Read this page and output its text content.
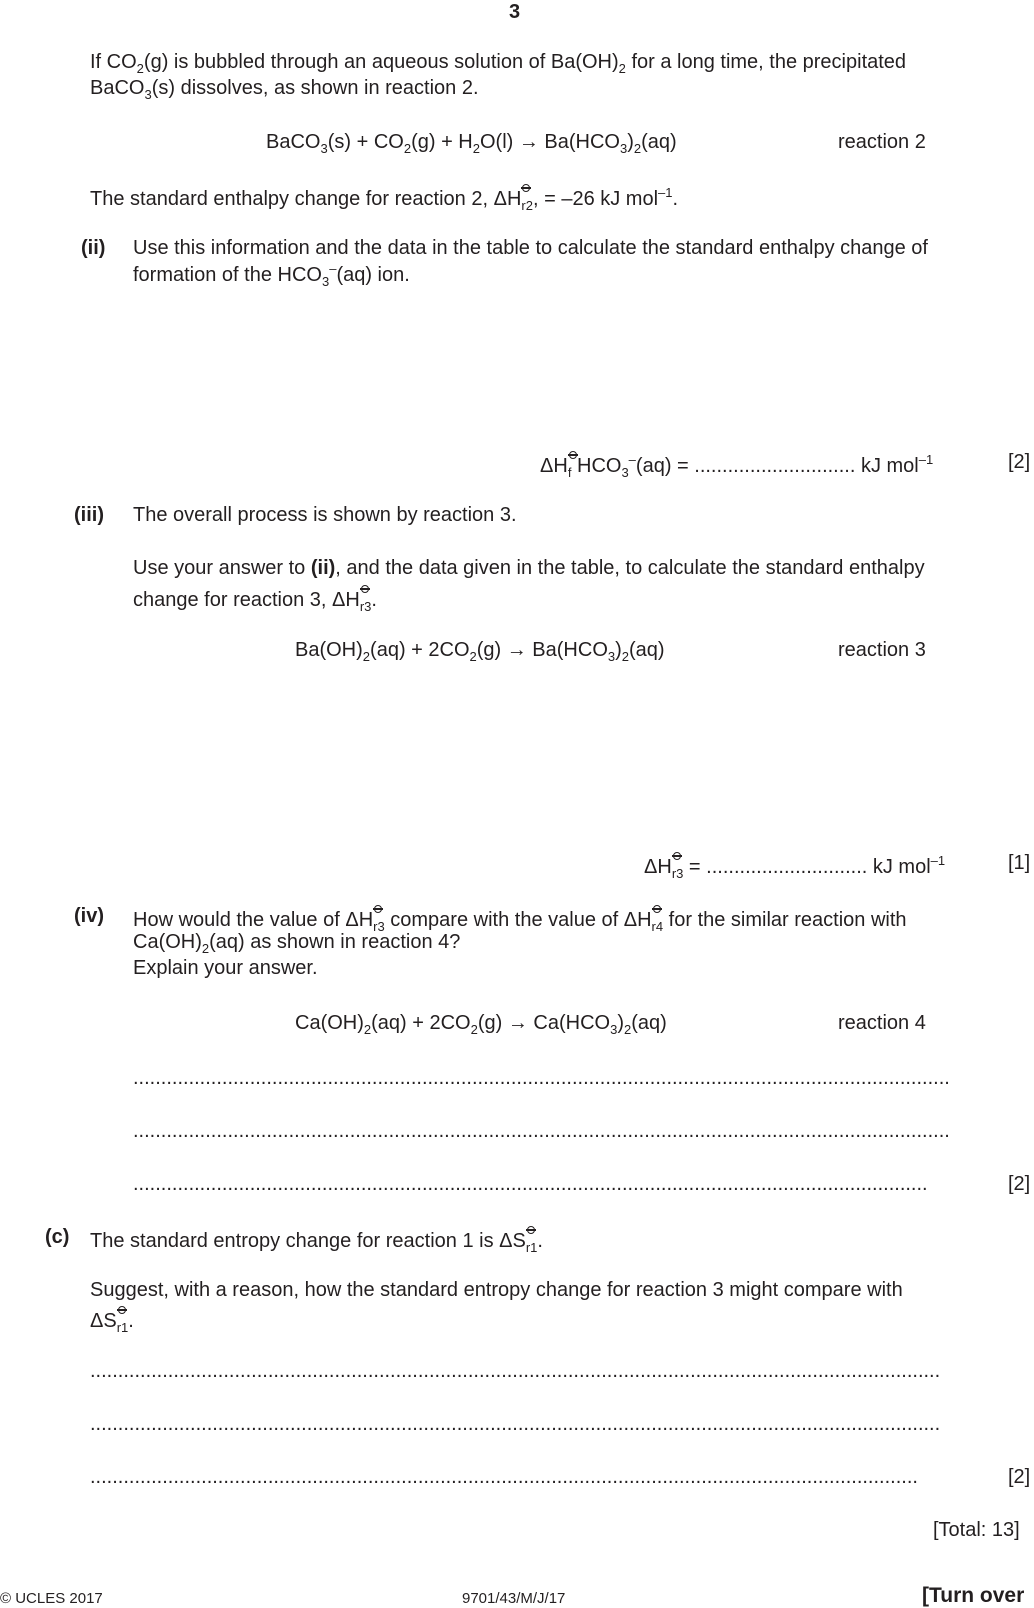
3
If $CO_2(g)$ is bubbled through an aqueous solution of $Ba(OH)_2$ for a long time, the precipitated
BaCO$_3$(s) dissolves, as shown in reaction 2.
BaCO$_3$(s) + $CO_2(g) + H_2O(l) \to Ba(HCO_3)_2(aq)$	reaction 2
The standard enthalpy change for reaction 2, $\Delta H_{r2}$, = –26 kJ mol$^{-1}$.
(ii) Use this information and the data in the table to calculate the standard enthalpy change of
formation of the $HCO_3^-(aq)$ ion.
$\Delta H_f$ $HCO_3^-(aq)$ = ............................. kJ mol$^{-1}$	[2]
(iii) The overall process is shown by reaction 3.
Use your answer to (ii), and the data given in the table, to calculate the standard enthalpy
change for reaction 3, $\Delta H_{r3}$.
$Ba(OH)_2(aq) + 2CO_2(g) \to Ba(HCO_3)_2(aq)$	reaction 3
$\Delta H_{r3}$ = ............................. kJ mol$^{-1}$	[1]
(iv) How would the value of $\Delta H_{r3}$ compare with the value of $\Delta H_{r4}$ for the similar reaction with
$Ca(OH)_2(aq)$ as shown in reaction 4?
Explain your answer.
$Ca(OH)_2(aq) + 2CO_2(g) \to Ca(HCO_3)_2(aq)$	reaction 4
...................................................................................................................................................
...................................................................................................................................................
...............................................................................................................................................	[2]
(c) The standard entropy change for reaction 1 is $\Delta S_{r1}$.
Suggest, with a reason, how the standard entropy change for reaction 3 might compare with
$\Delta S_{r1}$.
.........................................................................................................................................................
.........................................................................................................................................................
.....................................................................................................................................................	[2]
[Total: 13]
© UCLES 2017	9701/43/M/J/17	[Turn over
